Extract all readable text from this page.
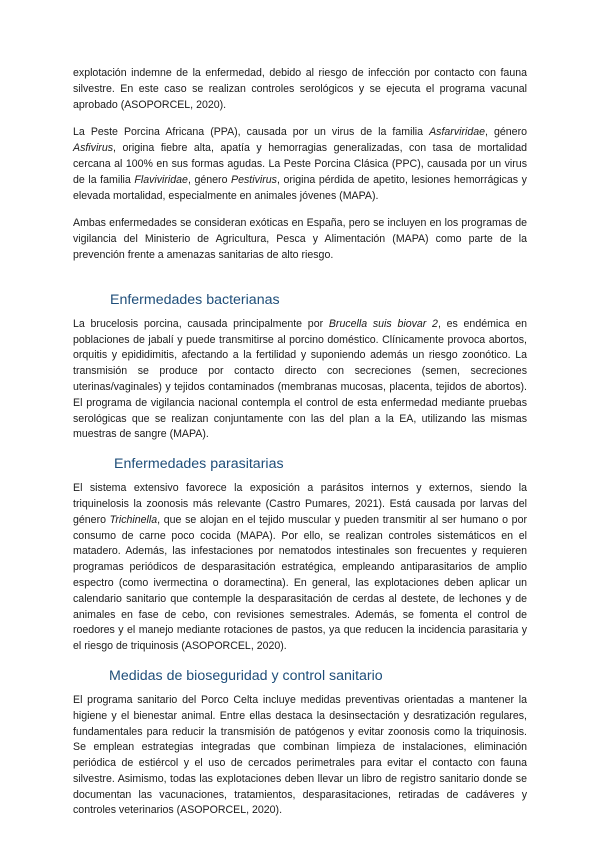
explotación indemne de la enfermedad, debido al riesgo de infección por contacto con fauna silvestre. En este caso se realizan controles serológicos y se ejecuta el programa vacunal aprobado (ASOPORCEL, 2020).

La Peste Porcina Africana (PPA), causada por un virus de la familia Asfarviridae, género Asfivirus, origina fiebre alta, apatía y hemorragias generalizadas, con tasa de mortalidad cercana al 100% en sus formas agudas. La Peste Porcina Clásica (PPC), causada por un virus de la familia Flaviviridae, género Pestivirus, origina pérdida de apetito, lesiones hemorrágicas y elevada mortalidad, especialmente en animales jóvenes (MAPA).

Ambas enfermedades se consideran exóticas en España, pero se incluyen en los programas de vigilancia del Ministerio de Agricultura, Pesca y Alimentación (MAPA) como parte de la prevención frente a amenazas sanitarias de alto riesgo.

Enfermedades bacterianas

La brucelosis porcina, causada principalmente por Brucella suis biovar 2, es endémica en poblaciones de jabalí y puede transmitirse al porcino doméstico. Clínicamente provoca abortos, orquitis y epididimitis, afectando a la fertilidad y suponiendo además un riesgo zoonótico. La transmisión se produce por contacto directo con secreciones (semen, secreciones uterinas/vaginales) y tejidos contaminados (membranas mucosas, placenta, tejidos de abortos). El programa de vigilancia nacional contempla el control de esta enfermedad mediante pruebas serológicas que se realizan conjuntamente con las del plan a la EA, utilizando las mismas muestras de sangre (MAPA).

Enfermedades parasitarias

El sistema extensivo favorece la exposición a parásitos internos y externos, siendo la triquinelosis la zoonosis más relevante (Castro Pumares, 2021). Está causada por larvas del género Trichinella, que se alojan en el tejido muscular y pueden transmitir al ser humano o por consumo de carne poco cocida (MAPA). Por ello, se realizan controles sistemáticos en el matadero. Además, las infestaciones por nematodos intestinales son frecuentes y requieren programas periódicos de desparasitación estratégica, empleando antiparasitarios de amplio espectro (como ivermectina o doramectina). En general, las explotaciones deben aplicar un calendario sanitario que contemple la desparasitación de cerdas al destete, de lechones y de animales en fase de cebo, con revisiones semestrales. Además, se fomenta el control de roedores y el manejo mediante rotaciones de pastos, ya que reducen la incidencia parasitaria y el riesgo de triquinosis (ASOPORCEL, 2020).

Medidas de bioseguridad y control sanitario

El programa sanitario del Porco Celta incluye medidas preventivas orientadas a mantener la higiene y el bienestar animal. Entre ellas destaca la desinsectación y desratización regulares, fundamentales para reducir la transmisión de patógenos y evitar zoonosis como la triquinosis. Se emplean estrategias integradas que combinan limpieza de instalaciones, eliminación periódica de estiércol y el uso de cercados perimetrales para evitar el contacto con fauna silvestre. Asimismo, todas las explotaciones deben llevar un libro de registro sanitario donde se documentan las vacunaciones, tratamientos, desparasitaciones, retiradas de cadáveres y controles veterinarios (ASOPORCEL, 2020).
